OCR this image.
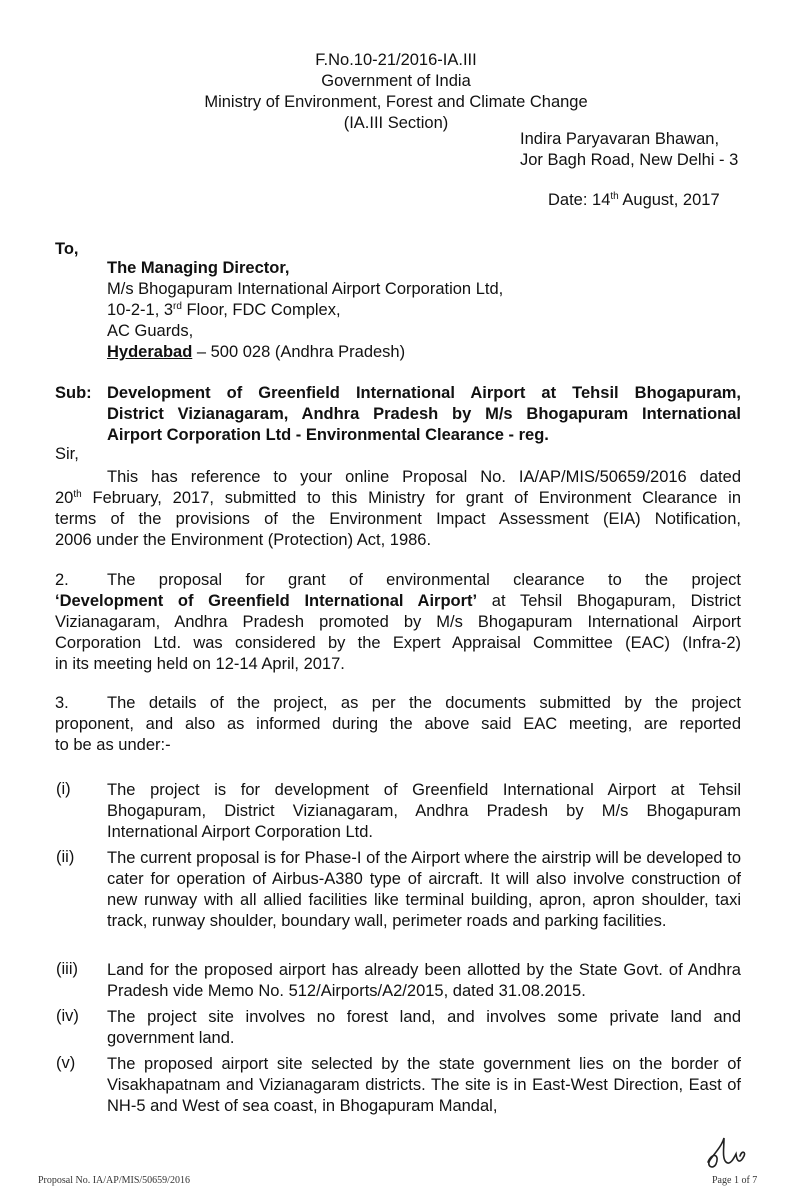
F.No.10-21/2016-IA.III
Government of India
Ministry of Environment, Forest and Climate Change
(IA.III Section)
Indira Paryavaran Bhawan,
Jor Bagh Road, New Delhi - 3
Date: 14th August, 2017
To,
The Managing Director,
M/s Bhogapuram International Airport Corporation Ltd,
10-2-1, 3rd Floor, FDC Complex,
AC Guards,
Hyderabad – 500 028 (Andhra Pradesh)
Sub: Development of Greenfield International Airport at Tehsil Bhogapuram,
District Vizianagaram, Andhra Pradesh by M/s Bhogapuram International
Airport Corporation Ltd - Environmental Clearance - reg.
Sir,
This has reference to your online Proposal No. IA/AP/MIS/50659/2016 dated
20th February, 2017, submitted to this Ministry for grant of Environment Clearance in
terms of the provisions of the Environment Impact Assessment (EIA) Notification,
2006 under the Environment (Protection) Act, 1986.
2.	The proposal for grant of environmental clearance to the project
‘Development of Greenfield International Airport’ at Tehsil Bhogapuram, District
Vizianagaram, Andhra Pradesh promoted by M/s Bhogapuram International Airport
Corporation Ltd. was considered by the Expert Appraisal Committee (EAC) (Infra-2)
in its meeting held on 12-14 April, 2017.
3.	The details of the project, as per the documents submitted by the project
proponent, and also as informed during the above said EAC meeting, are reported
to be as under:-
(i) The project is for development of Greenfield International Airport at Tehsil Bhogapuram, District Vizianagaram, Andhra Pradesh by M/s Bhogapuram International Airport Corporation Ltd.
(ii) The current proposal is for Phase-I of the Airport where the airstrip will be developed to cater for operation of Airbus-A380 type of aircraft. It will also involve construction of new runway with all allied facilities like terminal building, apron, apron shoulder, taxi track, runway shoulder, boundary wall, perimeter roads and parking facilities.
(iii) Land for the proposed airport has already been allotted by the State Govt. of Andhra Pradesh vide Memo No. 512/Airports/A2/2015, dated 31.08.2015.
(iv) The project site involves no forest land, and involves some private land and government land.
(v) The proposed airport site selected by the state government lies on the border of Visakhapatnam and Vizianagaram districts. The site is in East-West Direction, East of NH-5 and West of sea coast, in Bhogapuram Mandal,
Proposal No. IA/AP/MIS/50659/2016	Page 1 of 7
